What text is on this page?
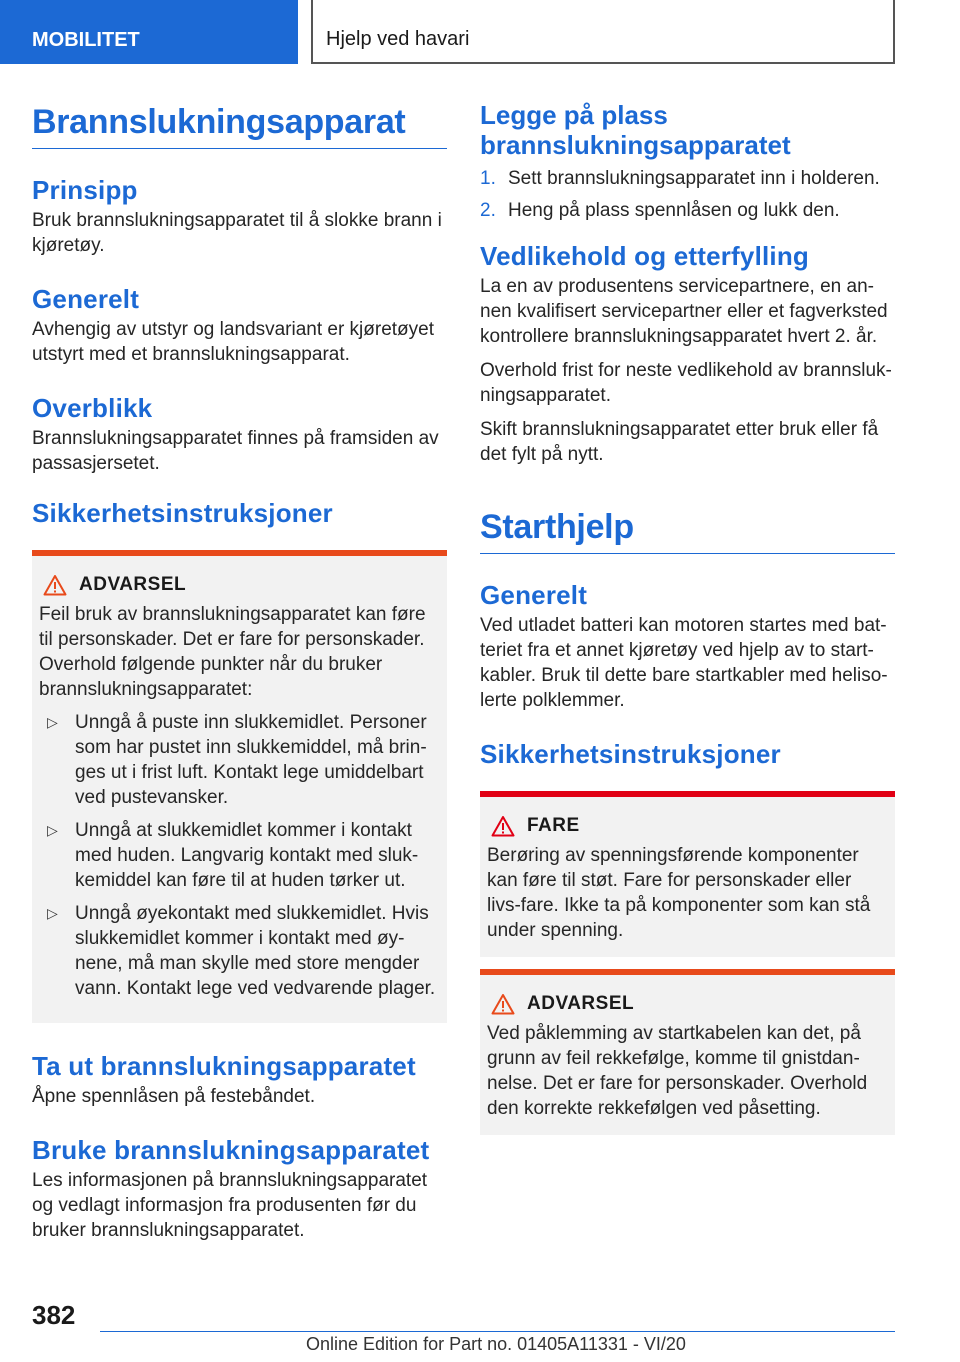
MOBILITET	Hjelp ved havari
Brannslukningsapparat
Prinsipp

Bruk brannslukningsapparatet til å slokke brann i kjøretøy.

Generelt

Avhengig av utstyr og landsvariant er kjøretøyet utstyrt med et brannslukningsapparat.

Overblikk

Brannslukningsapparatet finnes på framsiden av passasjersetet.

Sikkerhetsinstruksjoner
ADVARSEL

Feil bruk av brannslukningsapparatet kan føre til personskader. Det er fare for personskader. Overhold følgende punkter når du bruker brannslukningsapparatet:

▷ Unngå å puste inn slukkemidlet. Personer som har pustet inn slukkemiddel, må brin-ges ut i frist luft. Kontakt lege umiddelbart ved pustevansker.
▷ Unngå at slukkemidlet kommer i kontakt med huden. Langvarig kontakt med sluk-kemiddel kan føre til at huden tørker ut.
▷ Unngå øyekontakt med slukkemidlet. Hvis slukkemidlet kommer i kontakt med øy-nene, må man skylle med store mengder vann. Kontakt lege ved vedvarende plager.
Ta ut brannslukningsapparatet

Åpne spennlåsen på festebåndet.

Bruke brannslukningsapparatet

Les informasjonen på brannslukningsapparatet og vedlagt informasjon fra produsenten før du bruker brannslukningsapparatet.

Legge på plass brannslukningsapparatet
1. Sett brannslukningsapparatet inn i holderen.
2. Heng på plass spennlåsen og lukk den.
Vedlikehold og etterfylling

La en av produsentens servicepartnere, en an-nen kvalifisert servicepartner eller et fagverksted kontrollere brannslukningsapparatet hvert 2. år.

Overhold frist for neste vedlikehold av brannsluk-ningsapparatet.

Skift brannslukningsapparatet etter bruk eller få det fylt på nytt.

Starthjelp
Generelt

Ved utladet batteri kan motoren startes med bat-teriet fra et annet kjøretøy ved hjelp av to start-kabler. Bruk til dette bare startkabler med heliso-lerte polklemmer.

Sikkerhetsinstruksjoner
FARE

Berøring av spenningsførende komponenter kan føre til støt. Fare for personskader eller livs-fare. Ikke ta på komponenter som kan stå under spenning.

ADVARSEL

Ved påklemming av startkabelen kan det, på grunn av feil rekkefølge, komme til gnistdan-nelse. Det er fare for personskader. Overhold den korrekte rekkefølgen ved påsetting.

382
Online Edition for Part no. 01405A11331 - VI/20
